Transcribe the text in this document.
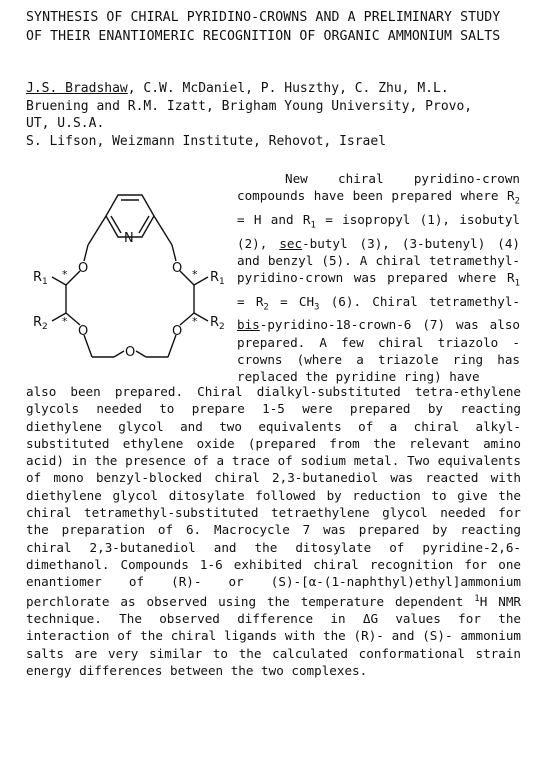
SYNTHESIS OF CHIRAL PYRIDINO-CROWNS AND A PRELIMINARY STUDY
OF THEIR ENANTIOMERIC RECOGNITION OF ORGANIC AMMONIUM SALTS
J.S. Bradshaw, C.W. McDaniel, P. Huszthy, C. Zhu, M.L.
Bruening and R.M. Izatt, Brigham Young University, Provo,
UT, U.S.A.
S. Lifson, Weizmann Institute, Rehovot, Israel
N
O	O
O	O
O
$R_1$	$R_1$
$R_2$	$R_2$
*	*
*	*
New chiral pyridino-crown compounds have been prepared where $R_2 = H$ and $R_1$ = isopropyl (1), isobutyl (2), sec-butyl (3), (3-butenyl) (4) and benzyl (5). A chiral tetramethyl-pyridino-crown was prepared where $R_1 = R_2 = CH_3$ (6). Chiral tetramethyl-bis-pyridino-18-crown-6 (7) was also prepared. A few chiral triazolo -crowns (where a triazole ring has replaced the pyridine ring) have
also been prepared. Chiral dialkyl-substituted tetra-ethylene glycols needed to prepare 1-5 were prepared by reacting diethylene glycol and two equivalents of a chiral alkyl-substituted ethylene oxide (prepared from the relevant amino acid) in the presence of a trace of sodium metal. Two equivalents of mono benzyl-blocked chiral 2,3-butanediol was reacted with diethylene glycol ditosylate followed by reduction to give the chiral tetramethyl-substituted tetraethylene glycol needed for the preparation of 6. Macrocycle 7 was prepared by reacting chiral 2,3-butanediol and the ditosylate of pyridine-2,6-dimethanol. Compounds 1-6 exhibited chiral recognition for one enantiomer of (R)- or (S)-[α-(1-naphthyl)ethyl]ammonium perchlorate as observed using the temperature dependent $^1$H NMR technique. The observed difference in ΔG values for the interaction of the chiral ligands with the (R)- and (S)- ammonium salts are very similar to the calculated conformational strain energy differences between the two complexes.
